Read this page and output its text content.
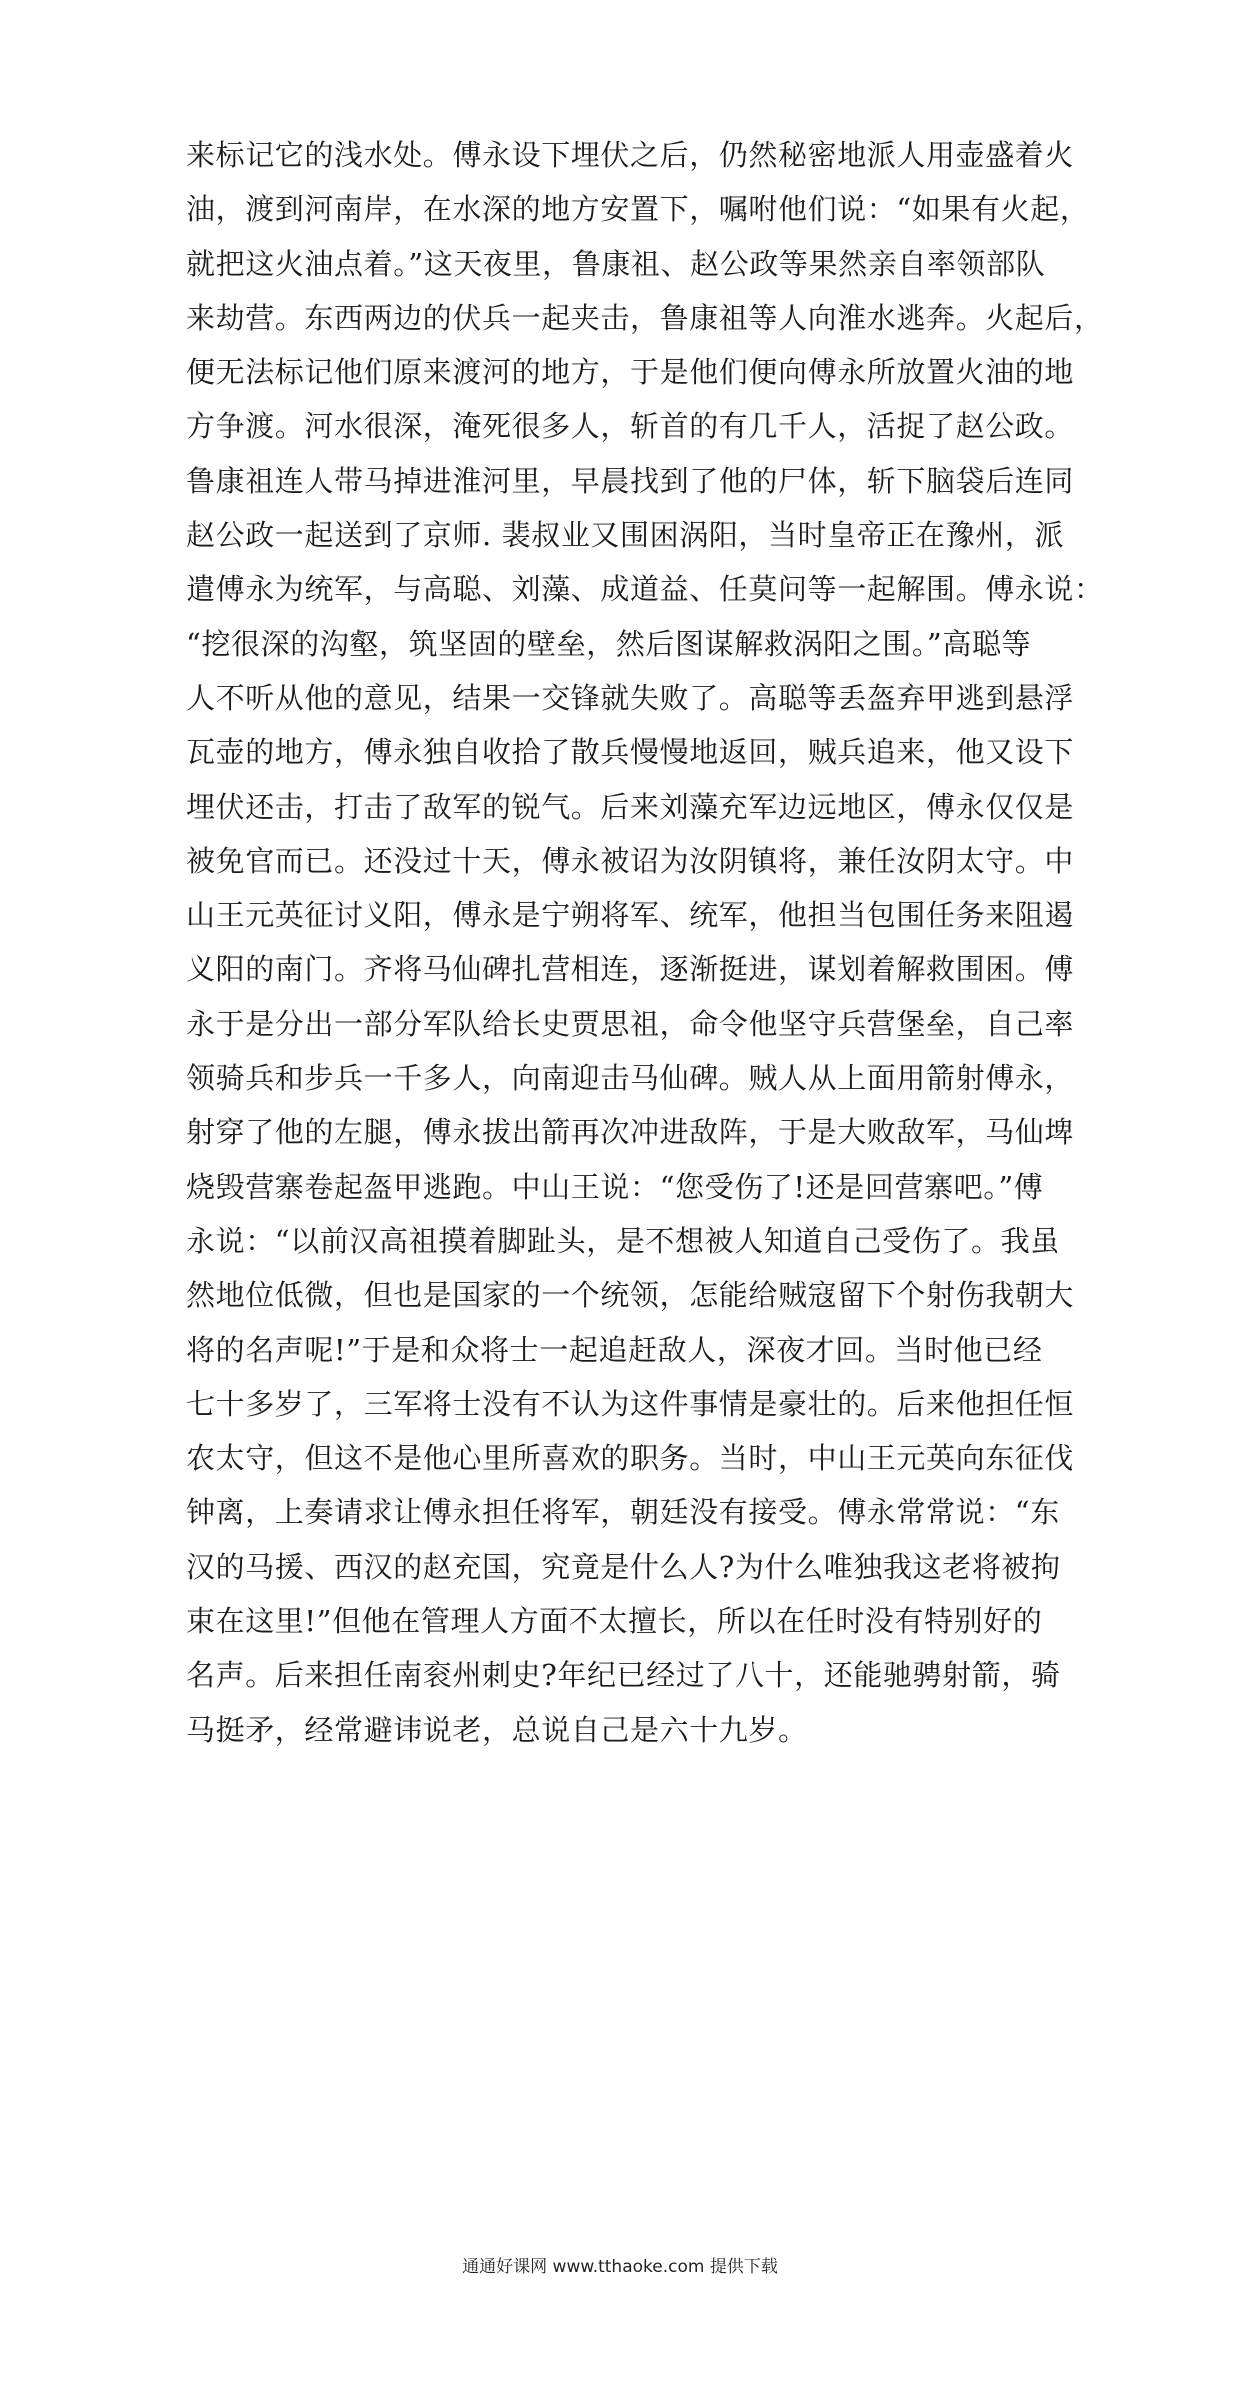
来标记它的浅水处。傅永设下埋伏之后，仍然秘密地派人用壶盛着火
油，渡到河南岸，在水深的地方安置下，嘱咐他们说：“如果有火起，
就把这火油点着。”这天夜里，鲁康祖、赵公政等果然亲自率领部队
来劫营。东西两边的伏兵一起夹击，鲁康祖等人向淮水逃奔。火起后，
便无法标记他们原来渡河的地方，于是他们便向傅永所放置火油的地
方争渡。河水很深，淹死很多人，斩首的有几千人，活捉了赵公政。
鲁康祖连人带马掉进淮河里，早晨找到了他的尸体，斩下脑袋后连同
赵公政一起送到了京师. 裴叔业又围困涡阳，当时皇帝正在豫州，派
遣傅永为统军，与高聪、刘藻、成道益、任莫问等一起解围。傅永说：
“挖很深的沟壑，筑坚固的壁垒，然后图谋解救涡阳之围。”高聪等
人不听从他的意见，结果一交锋就失败了。高聪等丢盔弃甲逃到悬浮
瓦壶的地方，傅永独自收拾了散兵慢慢地返回，贼兵追来，他又设下
埋伏还击，打击了敌军的锐气。后来刘藻充军边远地区，傅永仅仅是
被免官而已。还没过十天，傅永被诏为汝阴镇将，兼任汝阴太守。中
山王元英征讨义阳，傅永是宁朔将军、统军，他担当包围任务来阻遏
义阳的南门。齐将马仙碑扎营相连，逐渐挺进，谋划着解救围困。傅
永于是分出一部分军队给长史贾思祖，命令他坚守兵营堡垒，自己率
领骑兵和步兵一千多人，向南迎击马仙碑。贼人从上面用箭射傅永，
射穿了他的左腿，傅永拔出箭再次冲进敌阵，于是大败敌军，马仙埤
烧毁营寨卷起盔甲逃跑。中山王说：“您受伤了!还是回营寨吧。”傅
永说：“以前汉高祖摸着脚趾头，是不想被人知道自己受伤了。我虽
然地位低微，但也是国家的一个统领，怎能给贼寇留下个射伤我朝大
将的名声呢!”于是和众将士一起追赶敌人，深夜才回。当时他已经
七十多岁了，三军将士没有不认为这件事情是豪壮的。后来他担任恒
农太守，但这不是他心里所喜欢的职务。当时，中山王元英向东征伐
钟离，上奏请求让傅永担任将军，朝廷没有接受。傅永常常说：“东
汉的马援、西汉的赵充国，究竟是什么人?为什么唯独我这老将被拘
束在这里!”但他在管理人方面不太擅长，所以在任时没有特别好的
名声。后来担任南衮州刺史?年纪已经过了八十，还能驰骋射箭，骑
马挺矛，经常避讳说老，总说自己是六十九岁。
通通好课网 www.tthaoke.com 提供下载
